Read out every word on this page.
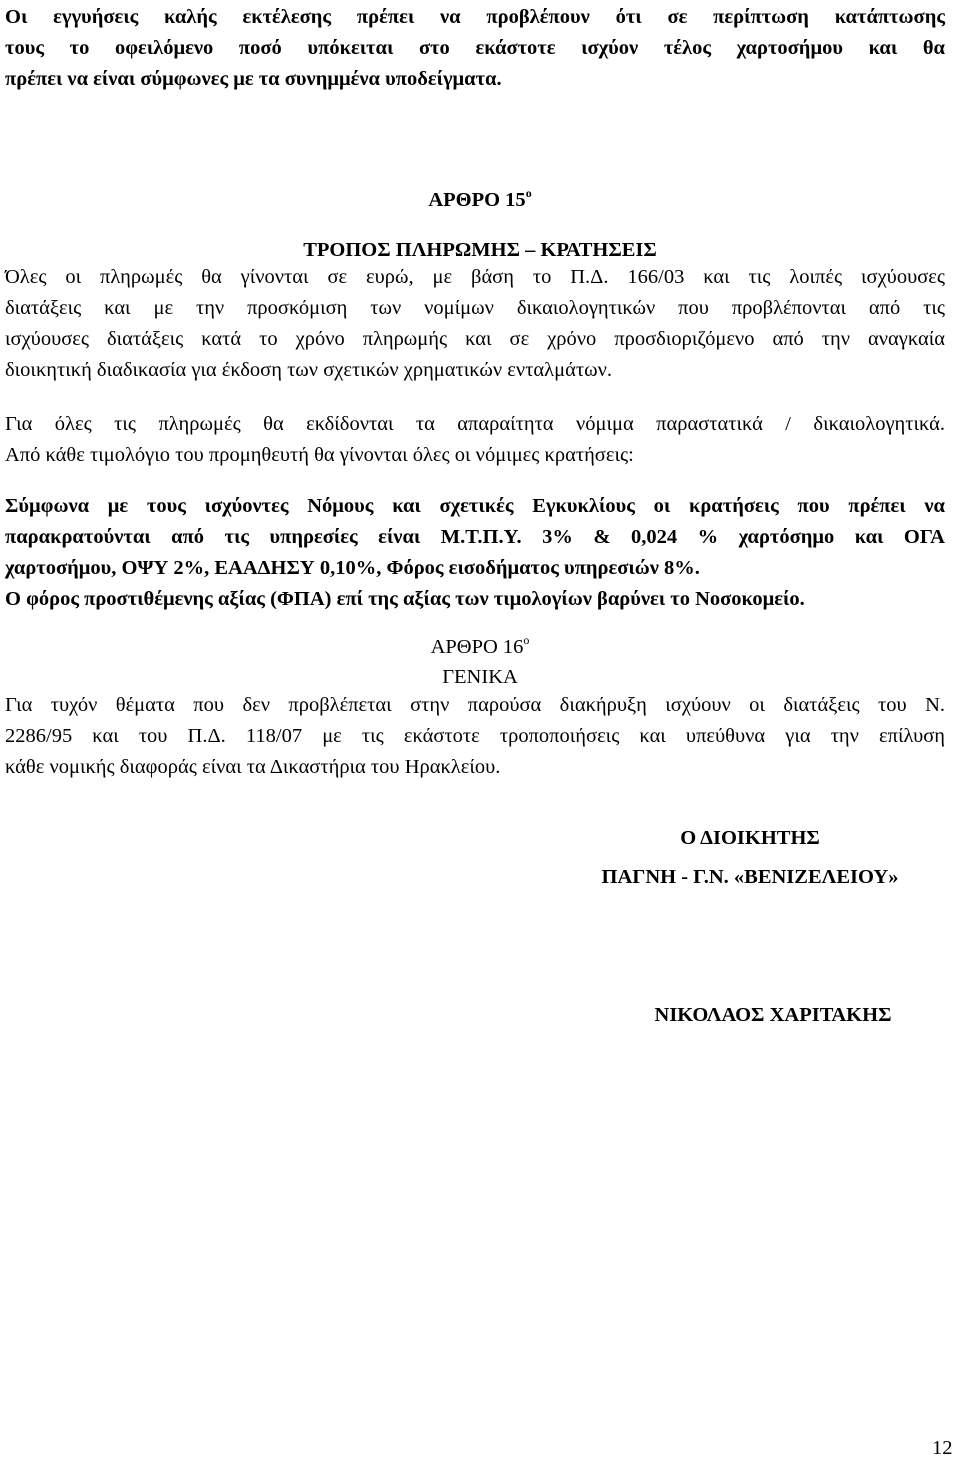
Οι εγγυήσεις καλής εκτέλεσης πρέπει να προβλέπουν ότι σε περίπτωση κατάπτωσης
τους το οφειλόμενο ποσό υπόκειται στο εκάστοτε ισχύον τέλος χαρτοσήμου και θα
πρέπει να είναι σύμφωνες με τα συνημμένα υποδείγματα.
ΑΡΘΡΟ $15^o$
ΤΡΟΠΟΣ ΠΛΗΡΩΜΗΣ – ΚΡΑΤΗΣΕΙΣ
Όλες οι πληρωμές θα γίνονται σε ευρώ, με βάση το Π.Δ. 166/03 και τις λοιπές ισχύουσες
διατάξεις και με την προσκόμιση των νομίμων δικαιολογητικών που προβλέπονται από τις
ισχύουσες διατάξεις κατά το χρόνο πληρωμής και σε χρόνο προσδιοριζόμενο από την αναγκαία
διοικητική διαδικασία για έκδοση των σχετικών χρηματικών ενταλμάτων.
Για όλες τις πληρωμές θα εκδίδονται τα απαραίτητα νόμιμα παραστατικά / δικαιολογητικά.
Από κάθε τιμολόγιο του προμηθευτή θα γίνονται όλες οι νόμιμες κρατήσεις:
Σύμφωνα με τους ισχύοντες Νόμους και σχετικές Εγκυκλίους οι κρατήσεις που πρέπει να
παρακρατούνται από τις υπηρεσίες είναι Μ.Τ.Π.Υ. 3% & 0,024 % χαρτόσημο και ΟΓΑ
χαρτοσήμου, ΟΨΥ 2%, ΕΑΑΔΗΣΥ 0,10%, Φόρος εισοδήματος υπηρεσιών 8%.
Ο φόρος προστιθέμενης αξίας (ΦΠΑ) επί της αξίας των τιμολογίων βαρύνει το Νοσοκομείο.
ΑΡΘΡΟ $16^o$
ΓΕΝΙΚΑ
Για τυχόν θέματα που δεν προβλέπεται στην παρούσα διακήρυξη ισχύουν οι διατάξεις του Ν.
2286/95 και του Π.Δ. 118/07 με τις εκάστοτε τροποποιήσεις και υπεύθυνα για την επίλυση
κάθε νομικής διαφοράς είναι τα Δικαστήρια του Ηρακλείου.
Ο ΔΙΟΙΚΗΤΗΣ
ΠΑΓΝΗ - Γ.Ν. «ΒΕΝΙΖΕΛΕΙΟΥ»
ΝΙΚΟΛΑΟΣ ΧΑΡΙΤΑΚΗΣ
12
